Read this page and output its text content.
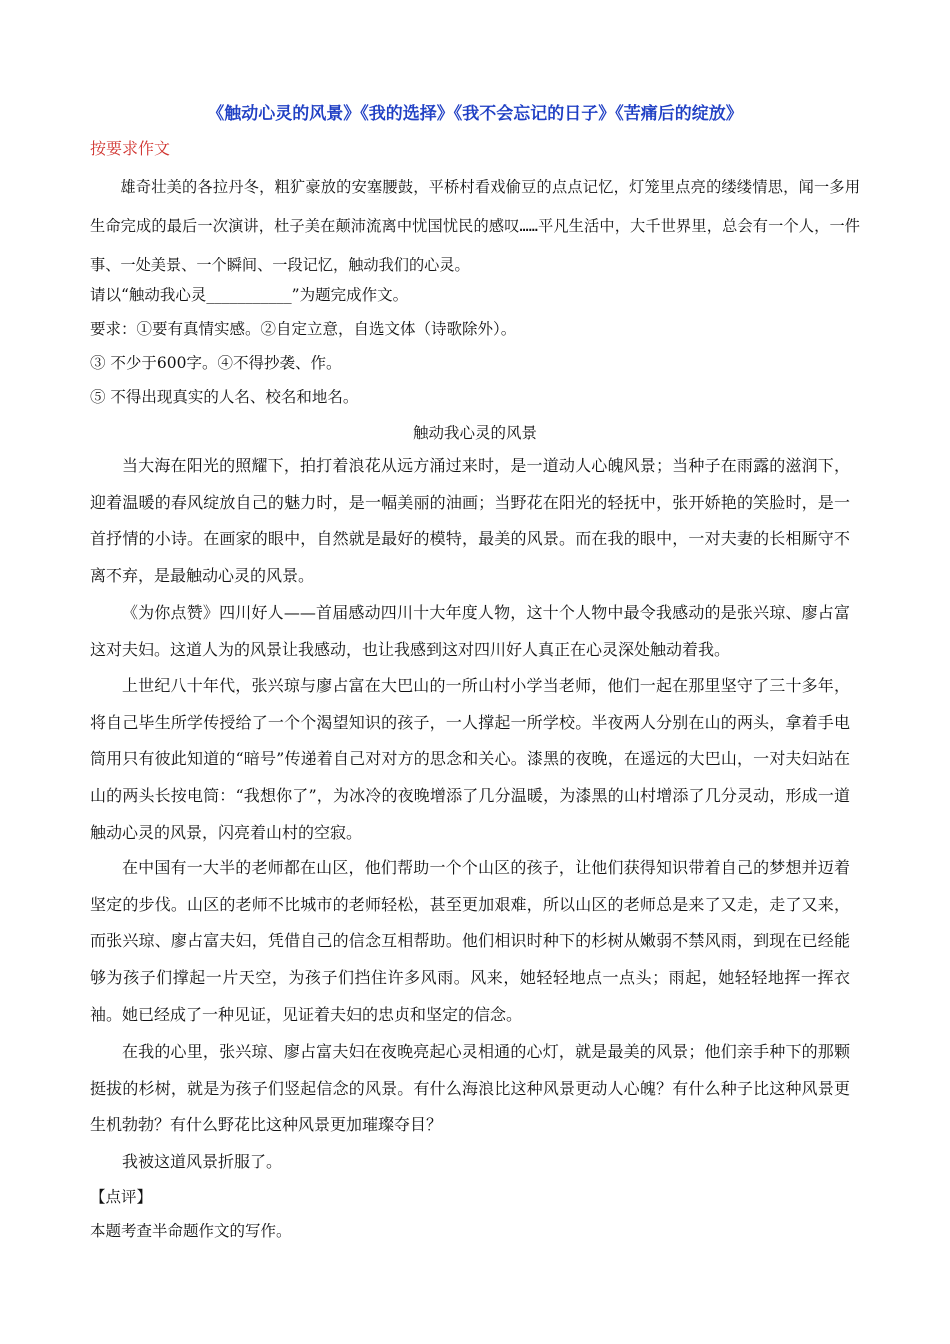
《触动心灵的风景》《我的选择》《我不会忘记的日子》《苦痛后的绽放》
按要求作文

雄奇壮美的各拉丹冬，粗犷豪放的安塞腰鼓，平桥村看戏偷豆的点点记忆，灯笼里点亮的缕缕情思，闻一多用生命完成的最后一次演讲，杜子美在颠沛流离中忧国忧民的感叹……平凡生活中，大千世界里，总会有一个人，一件事、一处美景、一个瞬间、一段记忆，触动我们的心灵。

请以“触动我心灵___________”为题完成作文。
要求：①要有真情实感。②自定立意，自选文体（诗歌除外）。
③ 不少于600字。④不得抄袭、作。
⑤ 不得出现真实的人名、校名和地名。
触动我心灵的风景

当大海在阳光的照耀下，拍打着浪花从远方涌过来时，是一道动人心魄风景；当种子在雨露的滋润下，迎着温暖的春风绽放自己的魅力时，是一幅美丽的油画；当野花在阳光的轻抚中，张开娇艳的笑脸时，是一首抒情的小诗。在画家的眼中，自然就是最好的模特，最美的风景。而在我的眼中，一对夫妻的长相厮守不离不弃，是最触动心灵的风景。

《为你点赞》四川好人——首届感动四川十大年度人物，这十个人物中最令我感动的是张兴琼、廖占富这对夫妇。这道人为的风景让我感动，也让我感到这对四川好人真正在心灵深处触动着我。

上世纪八十年代，张兴琼与廖占富在大巴山的一所山村小学当老师，他们一起在那里坚守了三十多年，将自己毕生所学传授给了一个个渴望知识的孩子，一人撑起一所学校。半夜两人分别在山的两头，拿着手电筒用只有彼此知道的“暗号”传递着自己对对方的思念和关心。漆黑的夜晚，在遥远的大巴山，一对夫妇站在山的两头长按电筒：“我想你了”，为冰冷的夜晚增添了几分温暖，为漆黑的山村增添了几分灵动，形成一道触动心灵的风景，闪亮着山村的空寂。

在中国有一大半的老师都在山区，他们帮助一个个山区的孩子，让他们获得知识带着自己的梦想并迈着坚定的步伐。山区的老师不比城市的老师轻松，甚至更加艰难，所以山区的老师总是来了又走，走了又来，而张兴琼、廖占富夫妇，凭借自己的信念互相帮助。他们相识时种下的杉树从嫩弱不禁风雨，到现在已经能够为孩子们撑起一片天空，为孩子们挡住许多风雨。风来，她轻轻地点一点头；雨起，她轻轻地挥一挥衣袖。她已经成了一种见证，见证着夫妇的忠贞和坚定的信念。

在我的心里，张兴琼、廖占富夫妇在夜晚亮起心灵相通的心灯，就是最美的风景；他们亲手种下的那颗挺拔的杉树，就是为孩子们竖起信念的风景。有什么海浪比这种风景更动人心魄？有什么种子比这种风景更生机勃勃？有什么野花比这种风景更加璀璨夺目？

我被这道风景折服了。

【点评】
本题考查半命题作文的写作。
